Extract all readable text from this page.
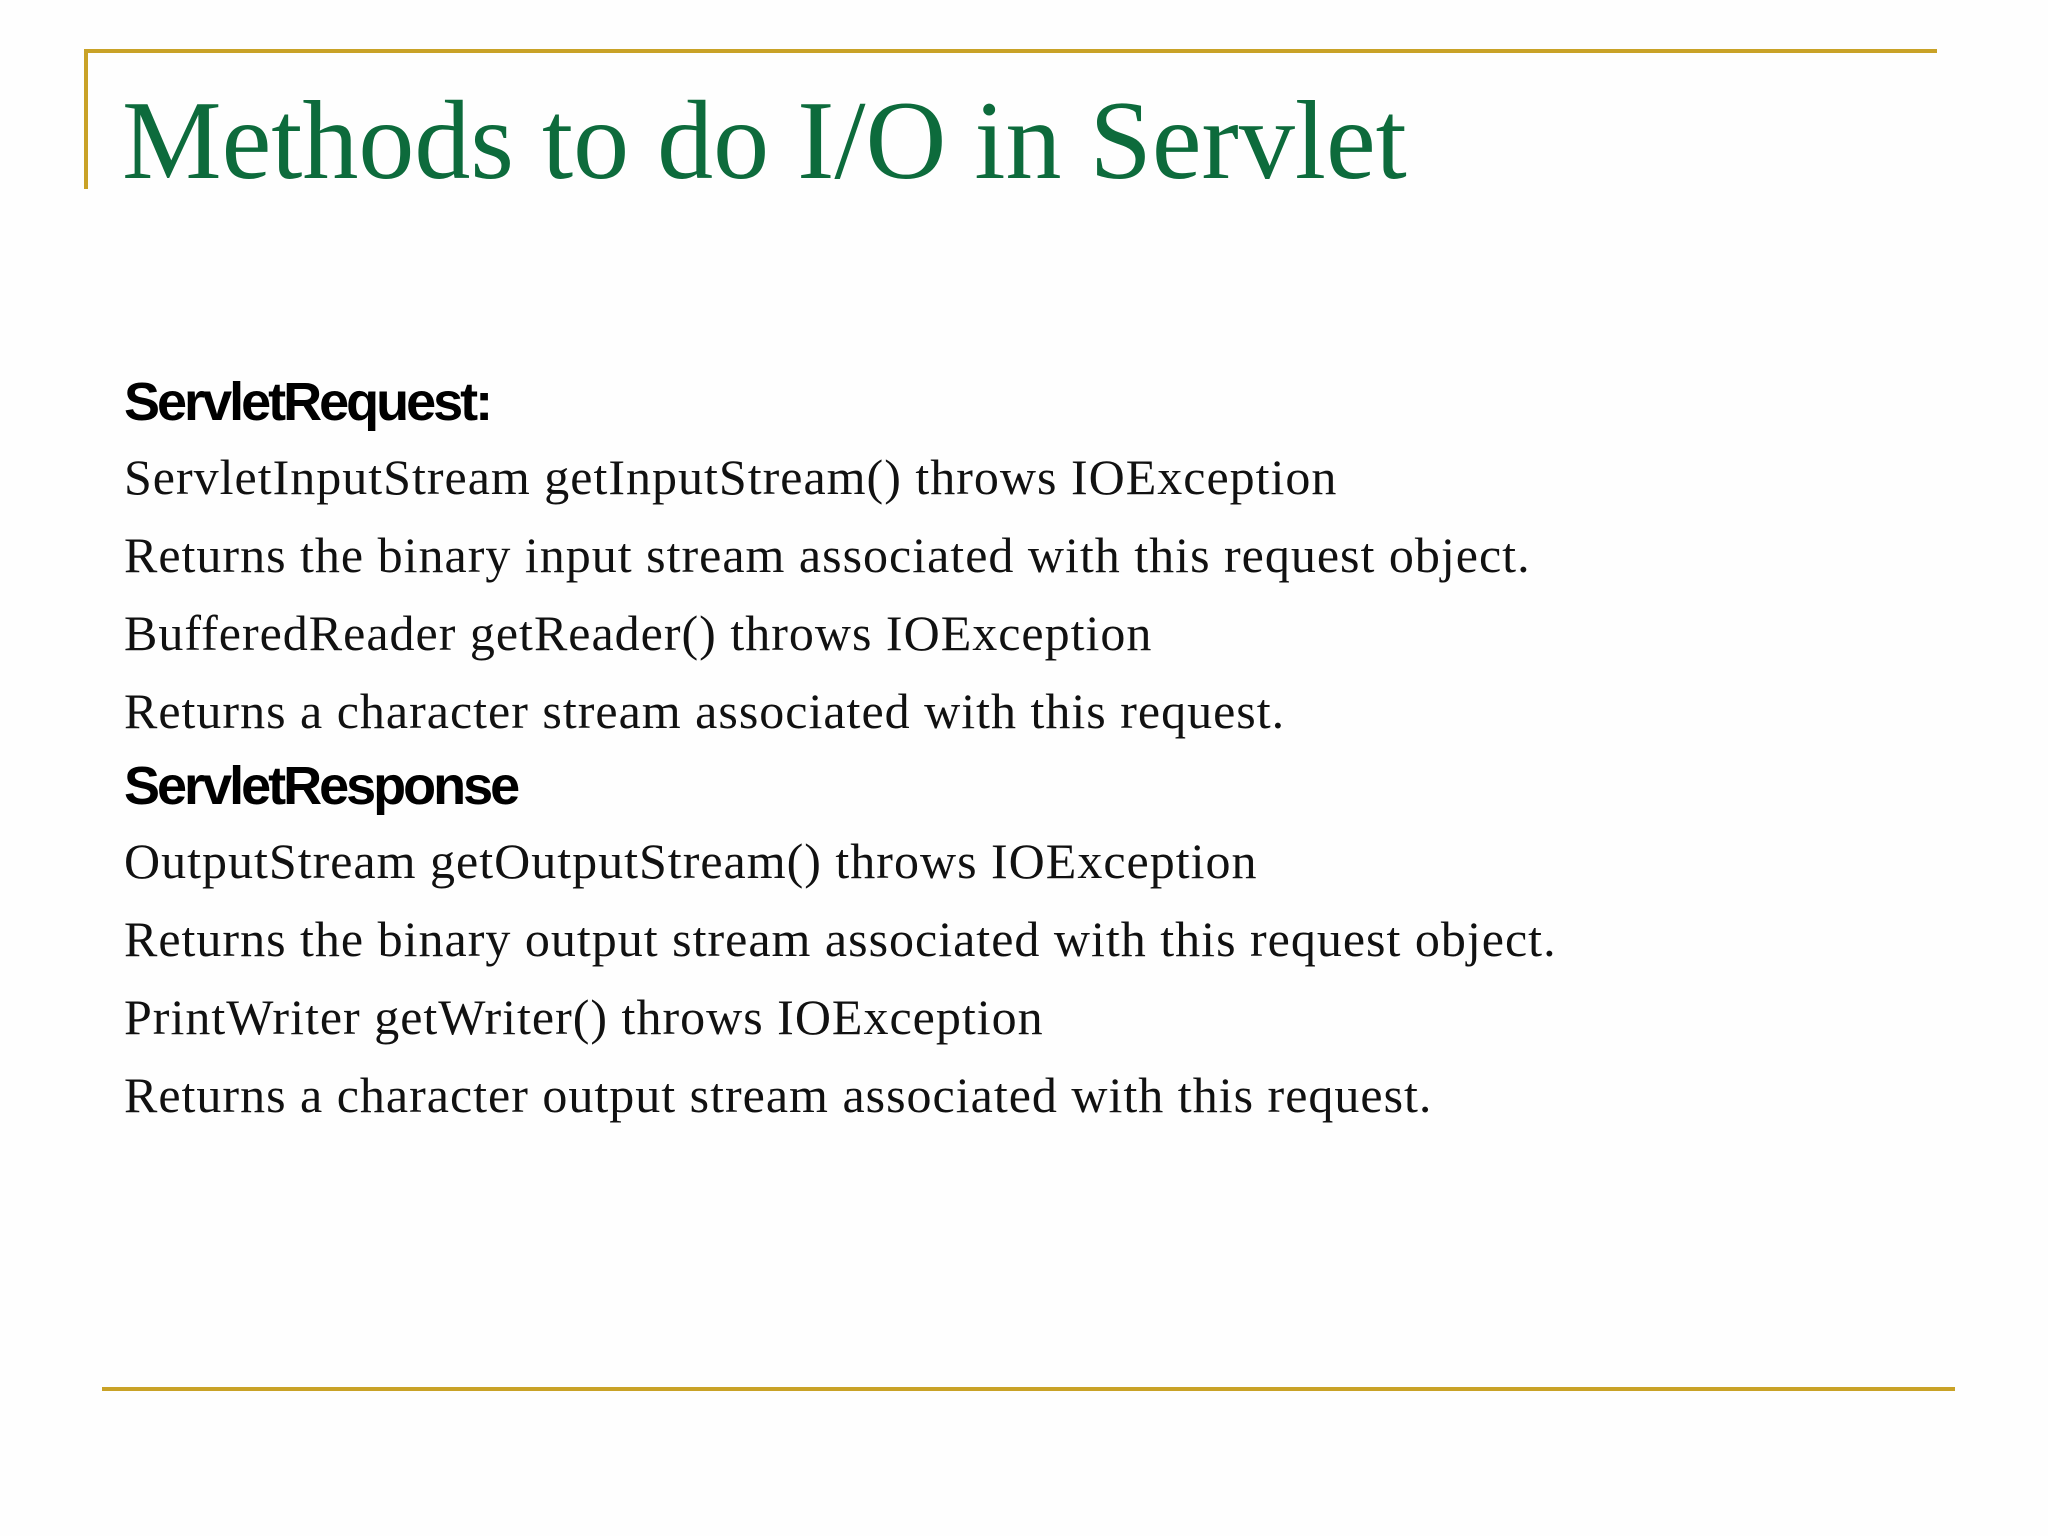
Methods to do I/O in Servlet

ServletRequest:

ServletInputStream getInputStream() throws IOException

Returns the binary input stream associated with this request object.

BufferedReader getReader() throws IOException

Returns a character stream associated with this request.

ServletResponse

OutputStream getOutputStream() throws IOException

Returns the binary output stream associated with this request object.

PrintWriter getWriter() throws IOException

Returns a character output stream associated with this request.
